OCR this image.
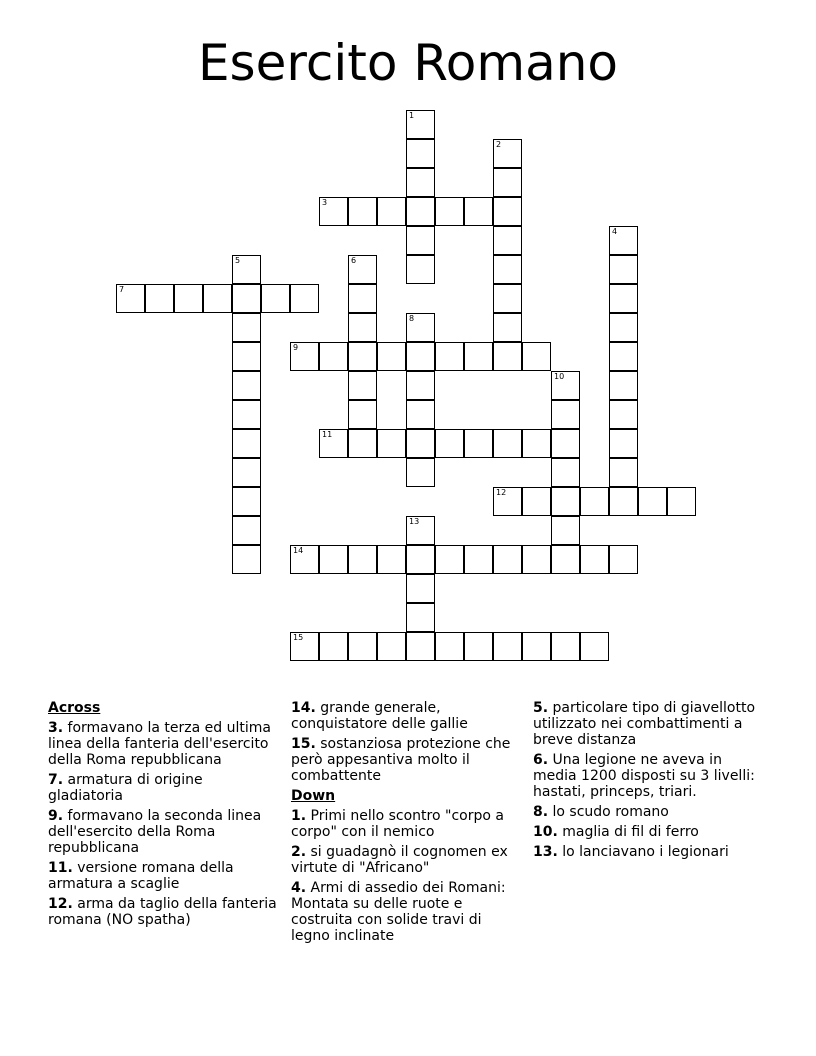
Esercito Romano
1
2
3
4
5	6
7
8
9
10
11
12
13
14
15
Across
3. formavano la terza ed ultima linea della fanteria dell'esercito della Roma repubblicana
7. armatura di origine gladiatoria
9. formavano la seconda linea dell'esercito della Roma repubblicana
11. versione romana della armatura a scaglie
12. arma da taglio della fanteria romana (NO spatha)
14. grande generale, conquistatore delle gallie
15. sostanziosa protezione che però appesantiva molto il combattente
Down
1. Primi nello scontro "corpo a corpo" con il nemico
2. si guadagnò il cognomen ex virtute di "Africano"
4. Armi di assedio dei Romani: Montata su delle ruote e costruita con solide travi di legno inclinate
5. particolare tipo di giavellotto utilizzato nei combattimenti a breve distanza
6. Una legione ne aveva in media 1200 disposti su 3 livelli: hastati, princeps, triari.
8. lo scudo romano
10. maglia di fil di ferro
13. lo lanciavano i legionari
